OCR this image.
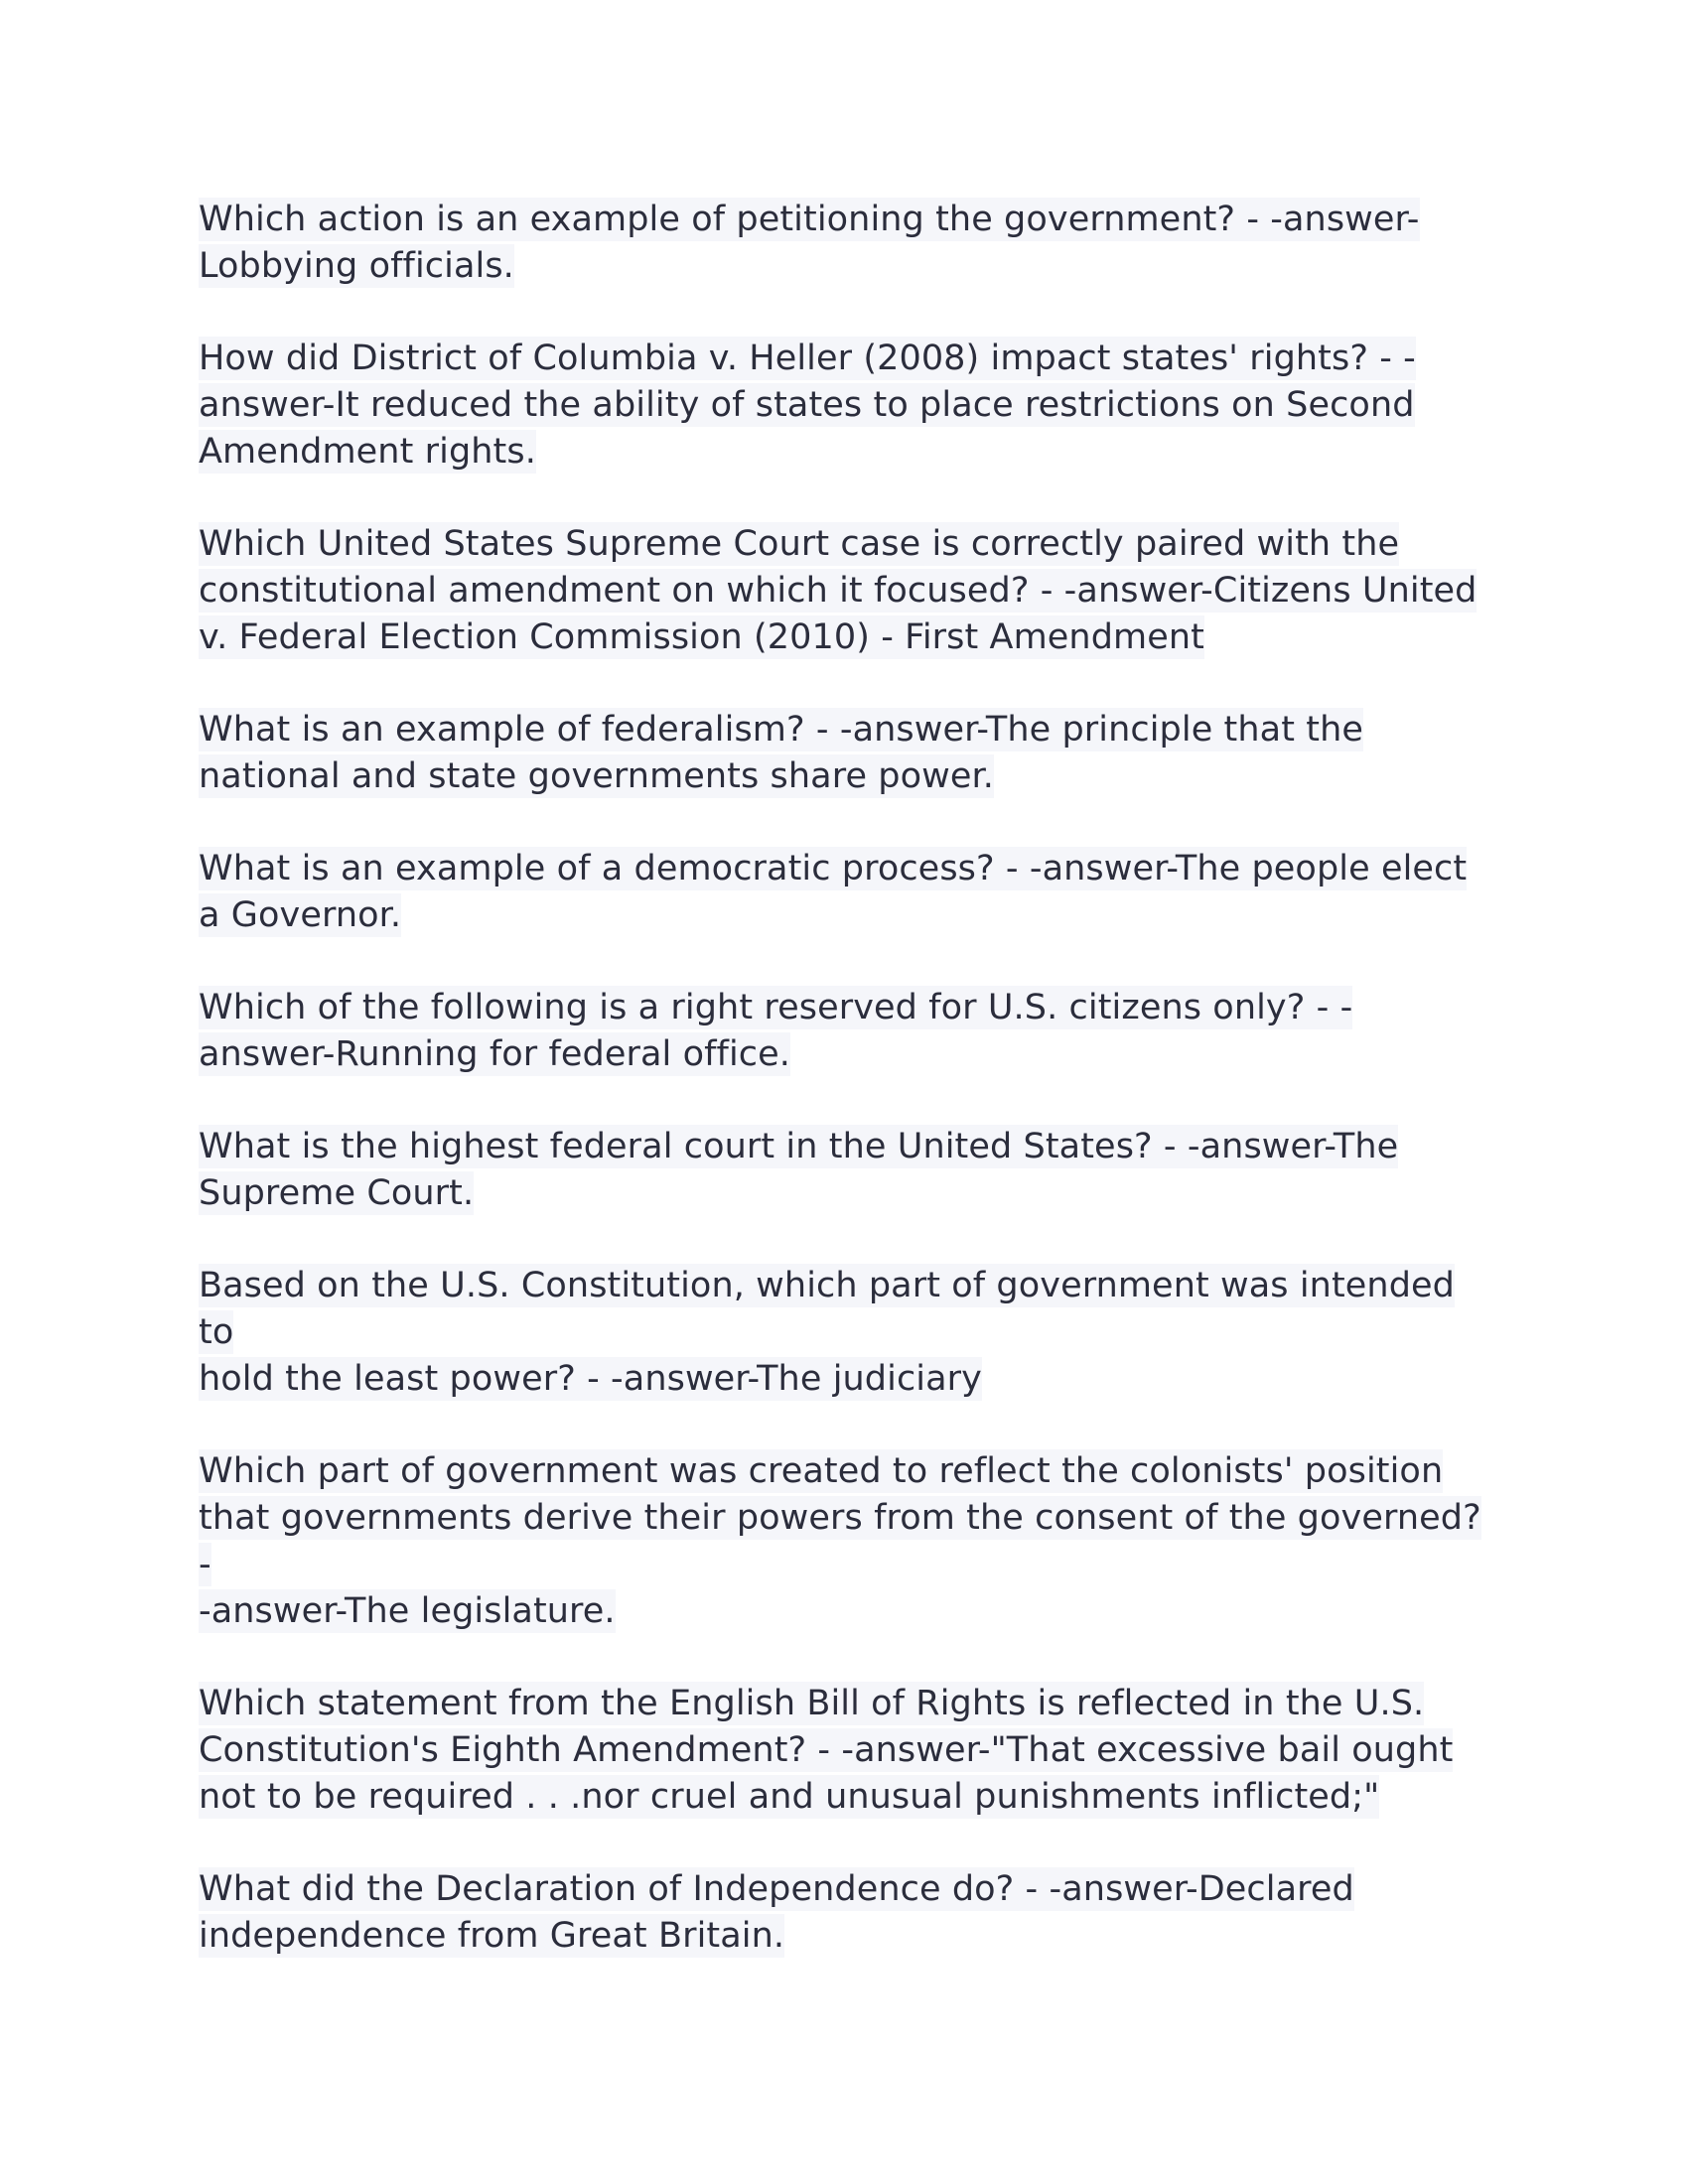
Which action is an example of petitioning the government? - -answer-
Lobbying officials.

How did District of Columbia v. Heller (2008) impact states' rights? - -
answer-It reduced the ability of states to place restrictions on Second
Amendment rights.

Which United States Supreme Court case is correctly paired with the
constitutional amendment on which it focused? - -answer-Citizens United
v. Federal Election Commission (2010) - First Amendment

What is an example of federalism? - -answer-The principle that the
national and state governments share power.

What is an example of a democratic process? - -answer-The people elect
a Governor.

Which of the following is a right reserved for U.S. citizens only? - -
answer-Running for federal office.

What is the highest federal court in the United States? - -answer-The
Supreme Court.

Based on the U.S. Constitution, which part of government was intended to
hold the least power? - -answer-The judiciary

Which part of government was created to reflect the colonists' position
that governments derive their powers from the consent of the governed? -
-answer-The legislature.

Which statement from the English Bill of Rights is reflected in the U.S.
Constitution's Eighth Amendment? - -answer-"That excessive bail ought
not to be required . . .nor cruel and unusual punishments inflicted;"

What did the Declaration of Independence do? - -answer-Declared
independence from Great Britain.
